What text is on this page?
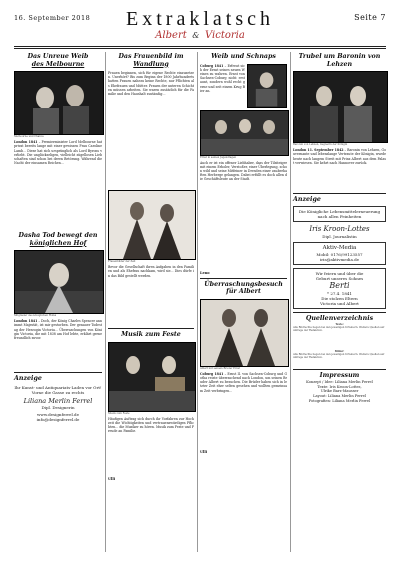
16. September 2018	Extraklatsch
Albert & Victoria
Seite 7
Das Unreue Weib
des Melbourne
Melbourne und Chance
London 1841 – Premierminister Lord Melbourne hat privat bereits lange mit einer gewissen Frau Caroline Lamb... Diese hat sich ursprünglich als Lord Byrons verliebt. Die unglückseligen, vielleicht zügellosen Liebschaften sind schon bei deren Betörung. Während die Nacht der einsamen Reichen...
Dasha Tod bewegt den
königlichen Hof
Mitglieder des königlichen Hofes
London 1841 – Doch, der König Charles Spencer annimmt Majestät, ist mir gestorben. Der genauer Todestag der Herzogin Victoria... Überraschungen von Königin Victoria, die mit 1838 am Hof lebte, erklärt gerne freundlich zuvor.
Anzeige
Ihr Kunst- und Antiquariats-Laden vor Ort!
Vorne die Gasse zu rechts
Liliana Merlin Ferrel
Dipl. Designerin
www.designferrel.de
info@designferrel.de
Das Frauenbild im
Wandlung
Frauen beginnen, sich für eigene Rechte einzusetzen. Unerhört? Bis zum Beginn der 1800 Jahrhunderts hatten Frauen nahezu keine Rechte, nur Pflichten als Ehefrauen und Mütter. Frauen der unteren Schichten müssen arbeiten. Sie waren zusätzlich für die Familie und den Haushalt zuständig...
Frauenbilder der Zeit
Bevor die Gesellschaft ihren Aufgaben in den Familien und als Ehefrau nachkam, wird sie... Dies dürfe in das Bild gestellt werden.
Musik zum Feste
Musik zum Feste
Häufigen Auftrag sich durch ihr Vorfahren zur Hochzeit die Wichtigkeiten und vertrauenswürdigen Pflichten... die Musiker zu hören. Musik zum Feste und Freude an Familie.
Ulli
Weib und Schnaps
Coburg 1841 – Erfreut sich der Ernst seines neuen Weines zu wahren. Ernst von Sachsen-Coburg nicht erstaunt, sondern wohl recht gerne und seit einem Krug Bier an.
Ernst in seinen Jugendtagen
Auch er ist ein offener Liebhaber, dass der Tilsiteiger mit einem Erholer, Verstoßer, einer Überlegung, schon wild und seine Mitfeiner in Dresden einer zauberhaften Herberge gelangen. Dabei erfüllt es doch allen die Geschäftsleute an der Stadt.
Leno
Überraschungsbesuch für Albert
Albert mit seinem Bruder Ernst
Coburg 1841 – Ernst II. von Sachsen-Coburg und Gotha reiste überraschend nach London, um seinen Bruder Albert zu besuchen. Die Brüder haben sich in letzter Zeit eher selten gesehen und wollten gemeinsam Zeit verbringen...
Ulli
Trubel um Baronin von Lehzen
Baronin von Lehzen, Gegnerin der Königin
London 11. September 1842 – Baronin von Lehzen, Gouvernante und lebenslange Vertraute der Königin, wurde heute nach langem Streit mit Prinz Albert aus dem Palast verwiesen. Sie kehrt nach Hannover zurück.
Anzeige
Die Königliche Lebensmittelerneuerung
nach allen Feinheiten
Iris Kroon-Lottes
Dipl. Journalistin
Aktiv-Media
Mobil: 0176/99123557
iris@aktivmedia.de
Wir feiern und über die
Geburt unseres Sohnes
Berti
* 27.4. 1841
Die stolzen Eltern
Victoria und Albert
Quellenverzeichnis
Texte:
Alle Bildrechte liegen bei den jeweiligen Urhebern. Weitere Quellen auf Anfrage der Redaktion.
Bilder:
Alle Bildrechte liegen bei den jeweiligen Urhebern. Weitere Quellen auf Anfrage der Redaktion.
Impressum
Konzept / Idee: Liliana Merlin Ferrel
Texte: Iris Kroon-Lottes,
Ulrike Barz-Mausser
Layout: Liliana Merlin Ferrel
Fotografien: Liliana Merlin Ferrel
